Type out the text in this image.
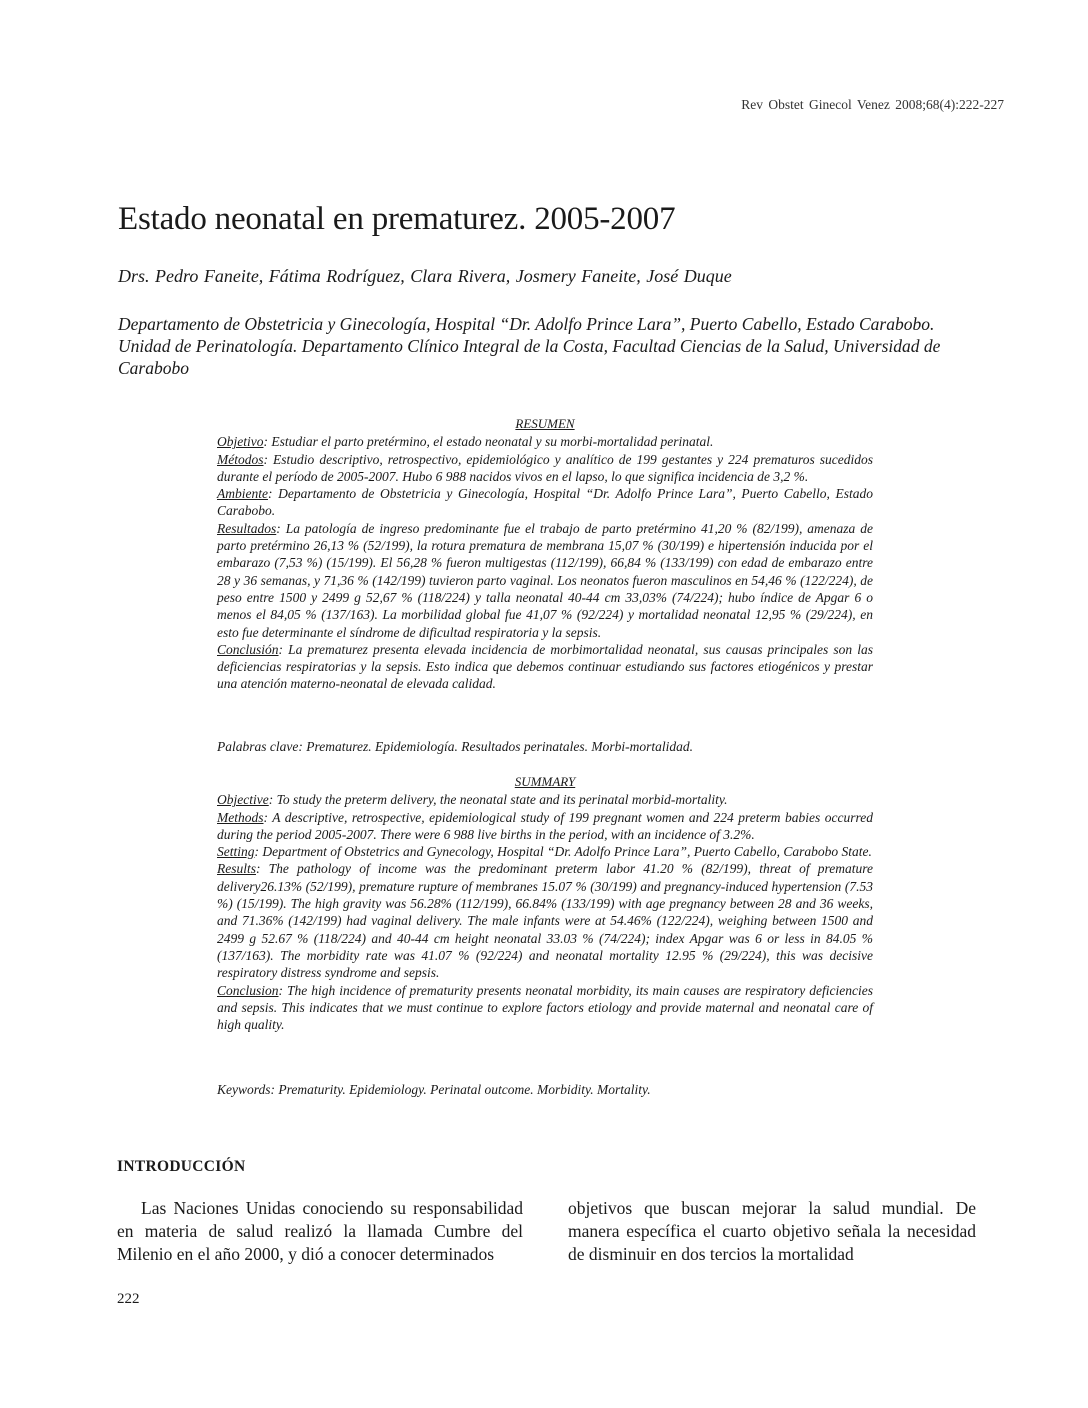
Rev Obstet Ginecol Venez 2008;68(4):222-227
Estado neonatal en prematurez. 2005-2007
Drs. Pedro Faneite, Fátima Rodríguez, Clara Rivera, Josmery Faneite, José Duque
Departamento de Obstetricia y Ginecología, Hospital “Dr. Adolfo Prince Lara”, Puerto Cabello, Estado Carabobo. Unidad de Perinatología. Departamento Clínico Integral de la Costa, Facultad Ciencias de la Salud, Universidad de Carabobo
RESUMEN

Objetivo: Estudiar el parto pretérmino, el estado neonatal y su morbi-mortalidad perinatal.

Métodos: Estudio descriptivo, retrospectivo, epidemiológico y analítico de 199 gestantes y 224 prematuros sucedidos durante el período de 2005-2007. Hubo 6 988 nacidos vivos en el lapso, lo que significa incidencia de 3,2 %.

Ambiente: Departamento de Obstetricia y Ginecología, Hospital “Dr. Adolfo Prince Lara”, Puerto Cabello, Estado Carabobo.

Resultados: La patología de ingreso predominante fue el trabajo de parto pretérmino 41,20 % (82/199), amenaza de parto pretérmino 26,13 % (52/199), la rotura prematura de membrana 15,07 % (30/199) e hipertensión inducida por el embarazo (7,53 %) (15/199). El 56,28 % fueron multigestas (112/199), 66,84 % (133/199) con edad de embarazo entre 28 y 36 semanas, y 71,36 % (142/199) tuvieron parto vaginal. Los neonatos fueron masculinos en 54,46 % (122/224), de peso entre 1500 y 2499 g 52,67 % (118/224) y talla neonatal 40-44 cm 33,03% (74/224); hubo índice de Apgar 6 o menos el 84,05 % (137/163). La morbilidad global fue 41,07 % (92/224) y mortalidad neonatal 12,95 % (29/224), en esto fue determinante el síndrome de dificultad respiratoria y la sepsis.

Conclusión: La prematurez presenta elevada incidencia de morbimortalidad neonatal, sus causas principales son las deficiencias respiratorias y la sepsis. Esto indica que debemos continuar estudiando sus factores etiogénicos y prestar una atención materno-neonatal de elevada calidad.

Palabras clave: Prematurez. Epidemiología. Resultados perinatales. Morbi-mortalidad.
SUMMARY

Objective: To study the preterm delivery, the neonatal state and its perinatal morbid-mortality.

Methods: A descriptive, retrospective, epidemiological study of 199 pregnant women and 224 preterm babies occurred during the period 2005-2007. There were 6 988 live births in the period, with an incidence of 3.2%.

Setting: Department of Obstetrics and Gynecology, Hospital “Dr. Adolfo Prince Lara”, Puerto Cabello, Carabobo State.

Results: The pathology of income was the predominant preterm labor 41.20 % (82/199), threat of premature delivery26.13% (52/199), premature rupture of membranes 15.07 % (30/199) and pregnancy-induced hypertension (7.53 %) (15/199). The high gravity was 56.28% (112/199), 66.84% (133/199) with age pregnancy between 28 and 36 weeks, and 71.36% (142/199) had vaginal delivery. The male infants were at 54.46% (122/224), weighing between 1500 and 2499 g 52.67 % (118/224) and 40-44 cm height neonatal 33.03 % (74/224); index Apgar was 6 or less in 84.05 % (137/163). The morbidity rate was 41.07 % (92/224) and neonatal mortality 12.95 % (29/224), this was decisive respiratory distress syndrome and sepsis.

Conclusion: The high incidence of prematurity presents neonatal morbidity, its main causes are respiratory deficiencies and sepsis. This indicates that we must continue to explore factors etiology and provide maternal and neonatal care of high quality.

Keywords: Prematurity. Epidemiology. Perinatal outcome. Morbidity. Mortality.
INTRODUCCIÓN

Las Naciones Unidas conociendo su responsabilidad en materia de salud realizó la llamada Cumbre del Milenio en el año 2000, y dió a conocer determinados

objetivos que buscan mejorar la salud mundial. De manera específica el cuarto objetivo señala la necesidad de disminuir en dos tercios la mortalidad

222
